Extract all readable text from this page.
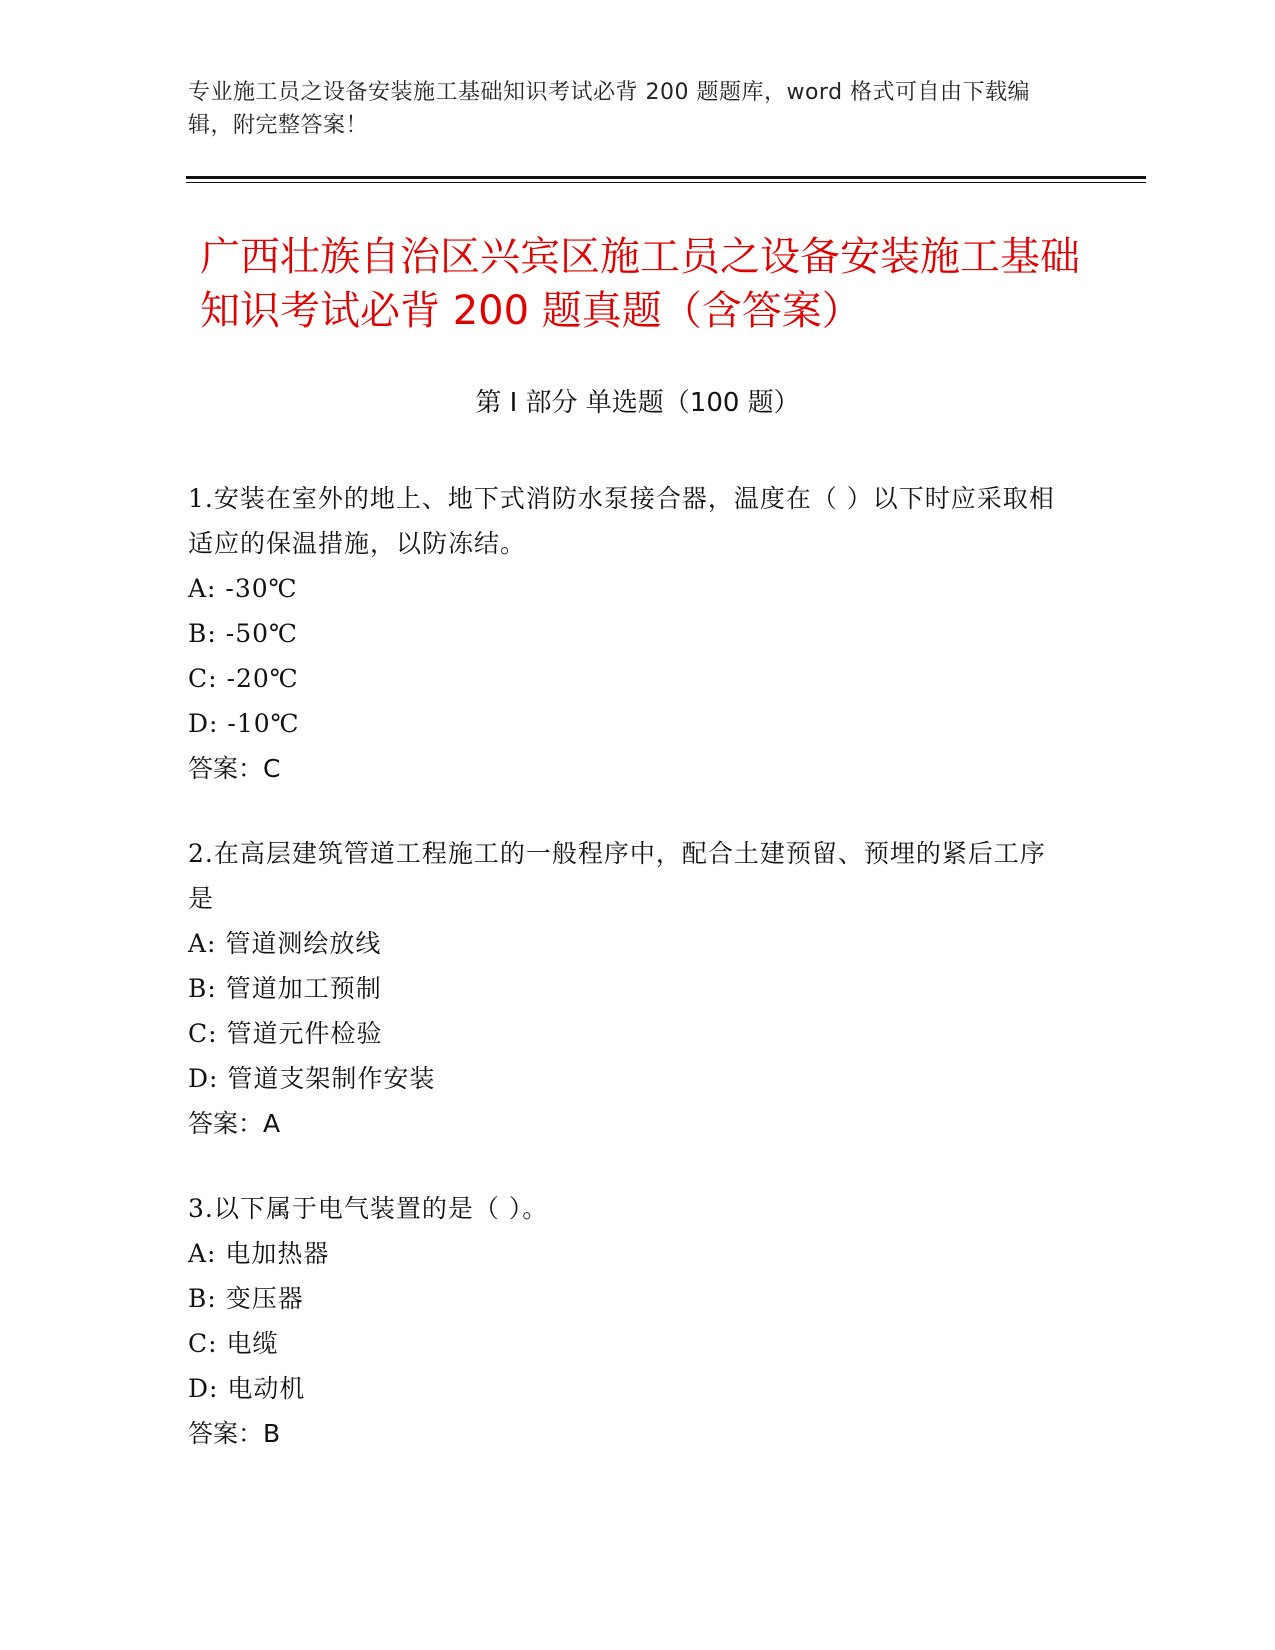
专业施工员之设备安装施工基础知识考试必背 200 题题库，word 格式可自由下载编辑，附完整答案！
广西壮族自治区兴宾区施工员之设备安装施工基础知识考试必背 200 题真题（含答案）
第 I 部分 单选题（100 题）

1.安装在室外的地上、地下式消防水泵接合器，温度在（ ）以下时应采取相适应的保温措施，以防冻结。

A: -30℃

B: -50℃

C: -20℃

D: -10℃

答案：C

2.在高层建筑管道工程施工的一般程序中，配合土建预留、预埋的紧后工序是

A: 管道测绘放线

B: 管道加工预制

C: 管道元件检验

D: 管道支架制作安装

答案：A

3.以下属于电气装置的是（ ）。

A: 电加热器

B: 变压器

C: 电缆

D: 电动机

答案：B
